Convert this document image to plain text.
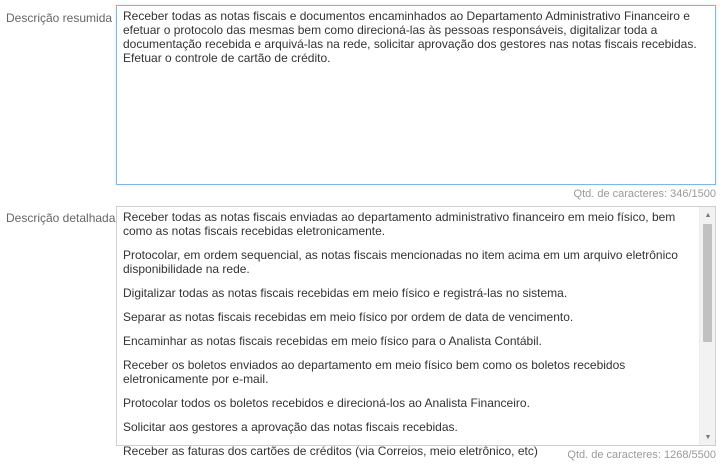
Descrição resumida Receber todas as notas fiscais e documentos encaminhados ao Departamento Administrativo Financeiro e efetuar o protocolo das mesmas bem como direcioná-las às pessoas responsáveis, digitalizar toda a documentação recebida e arquivá-las na rede, solicitar aprovação dos gestores nas notas fiscais recebidas. Efetuar o controle de cartão de crédito.
Qtd. de caracteres: 346/1500
Descrição detalhada Receber todas as notas fiscais enviadas ao departamento administrativo financeiro em meio físico, bem como as notas fiscais recebidas eletronicamente.

Protocolar, em ordem sequencial, as notas fiscais mencionadas no item acima em um arquivo eletrônico disponibilidade na rede.

Digitalizar todas as notas fiscais recebidas em meio físico e registrá-las no sistema.

Separar as notas fiscais recebidas em meio físico por ordem de data de vencimento.

Encaminhar as notas fiscais recebidas em meio físico para o Analista Contábil.

Receber os boletos enviados ao departamento em meio físico bem como os boletos recebidos eletronicamente por e-mail.

Protocolar todos os boletos recebidos e direcioná-los ao Analista Financeiro.

Solicitar aos gestores a aprovação das notas fiscais recebidas.

Receber as faturas dos cartões de créditos (via Correios, meio eletrônico, etc)

▲
▼
Qtd. de caracteres: 1268/5500
